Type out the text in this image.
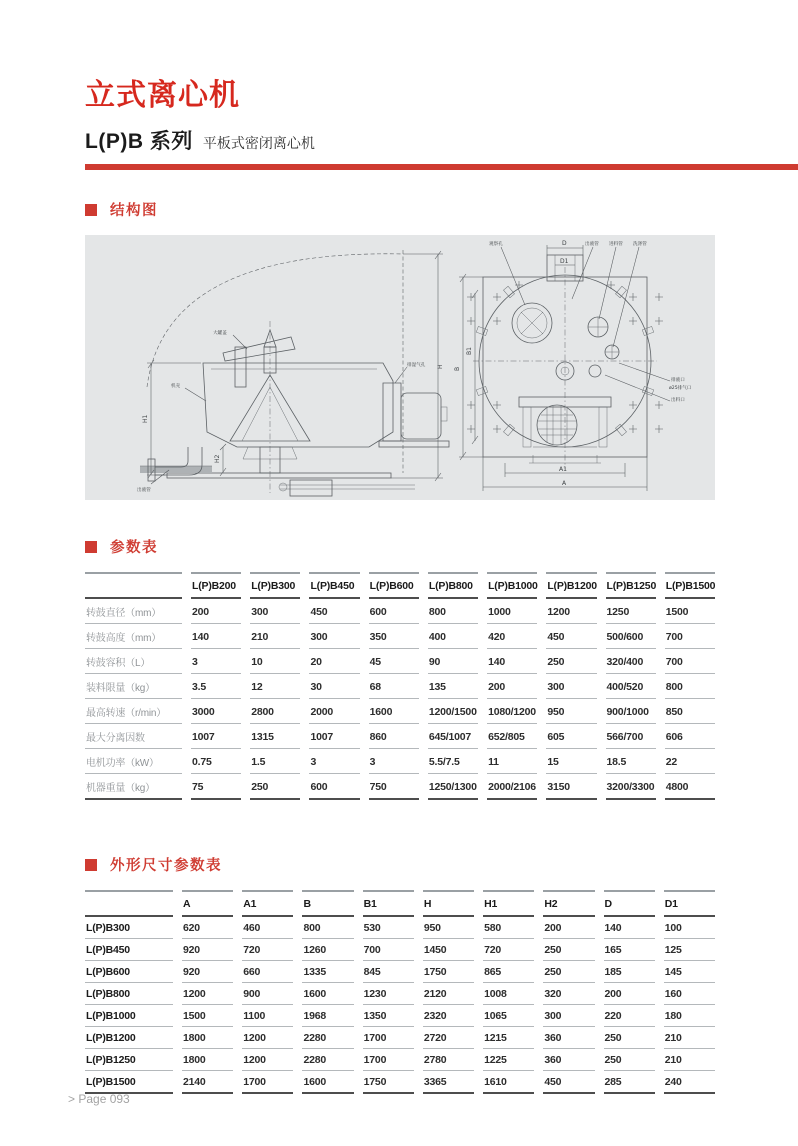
立式离心机
L(P)B 系列 平板式密闭离心机
结构图
H
H1
H2
大罐盖
机壳
排湿气孔
出液管
D
D1
B
B1
A1
A
观察孔	出液管 进料管 洗涤管
排液口
ø25排气口
出料口
参数表
	L(P)B200	L(P)B300	L(P)B450	L(P)B600	L(P)B800	L(P)B1000	L(P)B1200	L(P)B1250	L(P)B1500
转鼓直径（mm）	200	300	450	600	800	1000	1200	1250	1500
转鼓高度（mm）	140	210	300	350	400	420	450	500/600	700
转鼓容积（L）	3	10	20	45	90	140	250	320/400	700
装料限量（kg）	3.5	12	30	68	135	200	300	400/520	800
最高转速（r/min）	3000	2800	2000	1600	1200/1500	1080/1200	950	900/1000	850
最大分离因数	1007	1315	1007	860	645/1007	652/805	605	566/700	606
电机功率（kW）	0.75	1.5	3	3	5.5/7.5	11	15	18.5	22
机器重量（kg）	75	250	600	750	1250/1300	2000/2106	3150	3200/3300	4800
外形尺寸参数表
	A	A1	B	B1	H	H1	H2	D	D1
L(P)B300	620	460	800	530	950	580	200	140	100
L(P)B450	920	720	1260	700	1450	720	250	165	125
L(P)B600	920	660	1335	845	1750	865	250	185	145
L(P)B800	1200	900	1600	1230	2120	1008	320	200	160
L(P)B1000	1500	1100	1968	1350	2320	1065	300	220	180
L(P)B1200	1800	1200	2280	1700	2720	1215	360	250	210
L(P)B1250	1800	1200	2280	1700	2780	1225	360	250	210
L(P)B1500	2140	1700	1600	1750	3365	1610	450	285	240
> Page 093
